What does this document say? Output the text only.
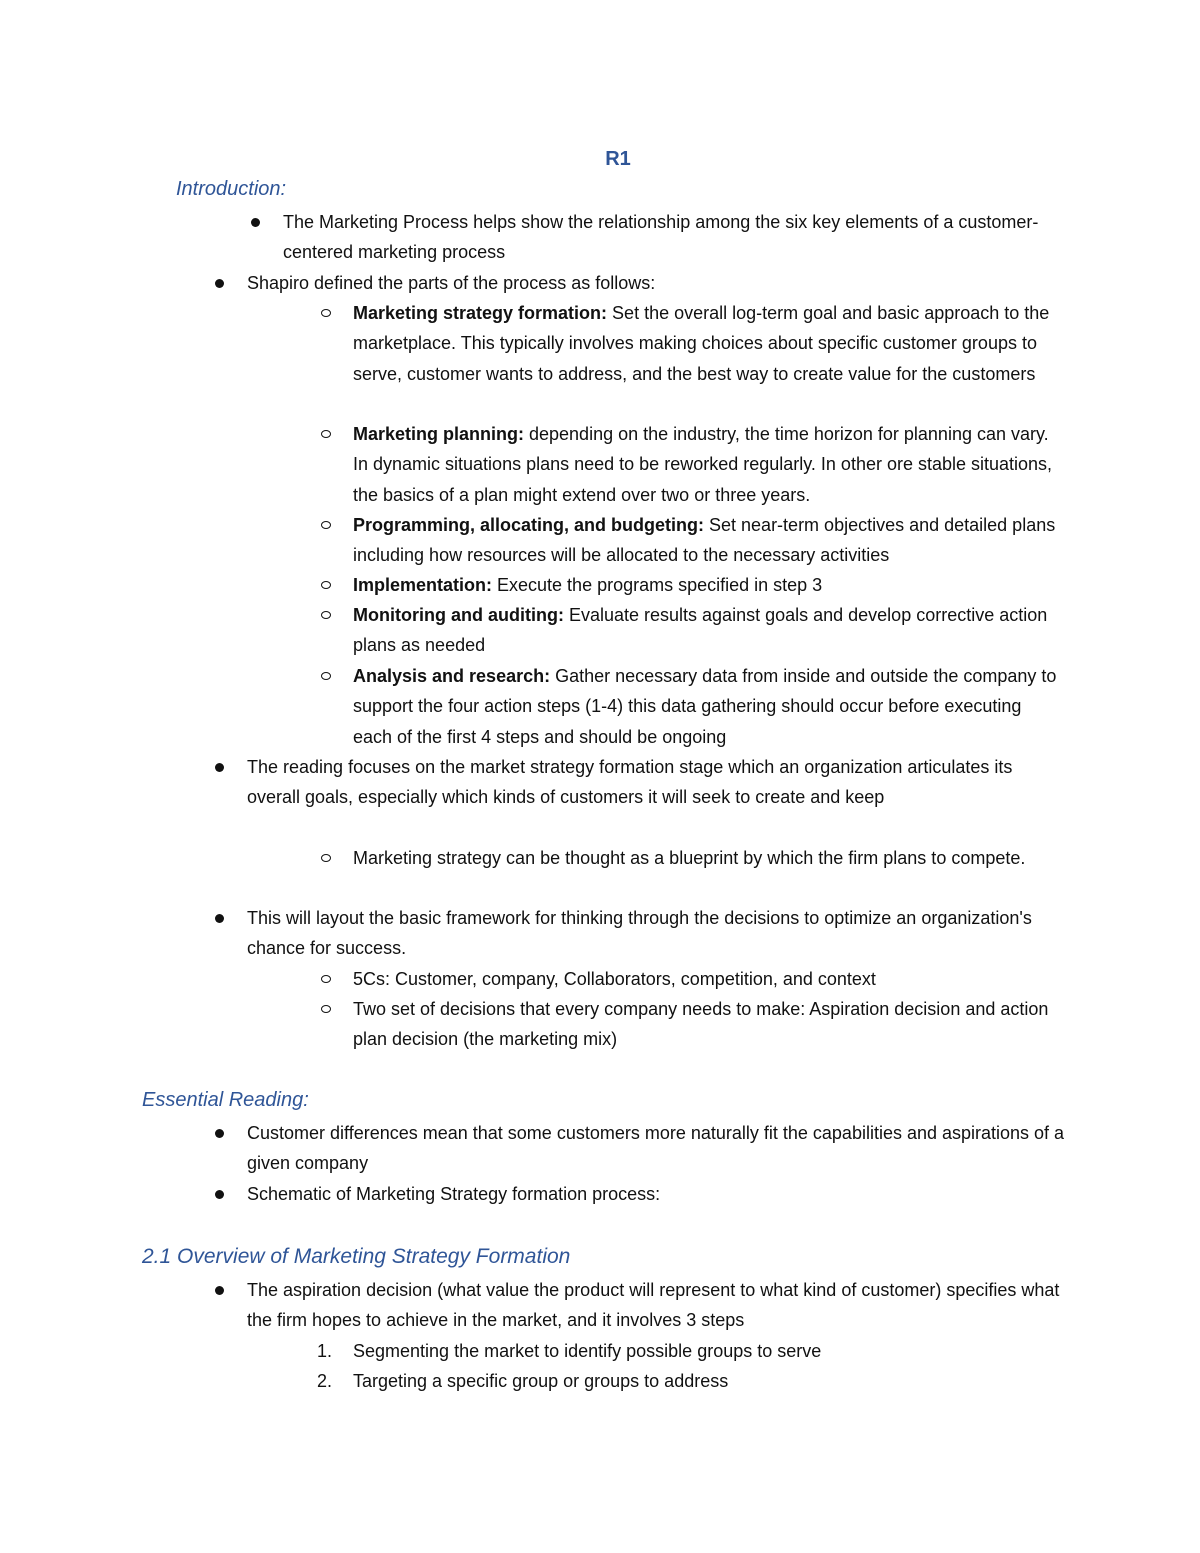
R1
Introduction:
The Marketing Process helps show the relationship among the six key elements of a customer-centered marketing process
Shapiro defined the parts of the process as follows:
Marketing strategy formation: Set the overall log-term goal and basic approach to the marketplace. This typically involves making choices about specific customer groups to serve, customer wants to address, and the best way to create value for the customers
Marketing planning: depending on the industry, the time horizon for planning can vary. In dynamic situations plans need to be reworked regularly. In other ore stable situations, the basics of a plan might extend over two or three years.
Programming, allocating, and budgeting: Set near-term objectives and detailed plans including how resources will be allocated to the necessary activities
Implementation: Execute the programs specified in step 3
Monitoring and auditing: Evaluate results against goals and develop corrective action plans as needed
Analysis and research: Gather necessary data from inside and outside the company to support the four action steps (1-4) this data gathering should occur before executing each of the first 4 steps and should be ongoing
The reading focuses on the market strategy formation stage which an organization articulates its overall goals, especially which kinds of customers it will seek to create and keep
Marketing strategy can be thought as a blueprint by which the firm plans to compete.
This will layout the basic framework for thinking through the decisions to optimize an organization's chance for success.
5Cs: Customer, company, Collaborators, competition, and context
Two set of decisions that every company needs to make: Aspiration decision and action plan decision (the marketing mix)
Essential Reading:
Customer differences mean that some customers more naturally fit the capabilities and aspirations of a given company
Schematic of Marketing Strategy formation process:
2.1 Overview of Marketing Strategy Formation
The aspiration decision (what value the product will represent to what kind of customer) specifies what the firm hopes to achieve in the market, and it involves 3 steps
1. Segmenting the market to identify possible groups to serve
2. Targeting a specific group or groups to address
